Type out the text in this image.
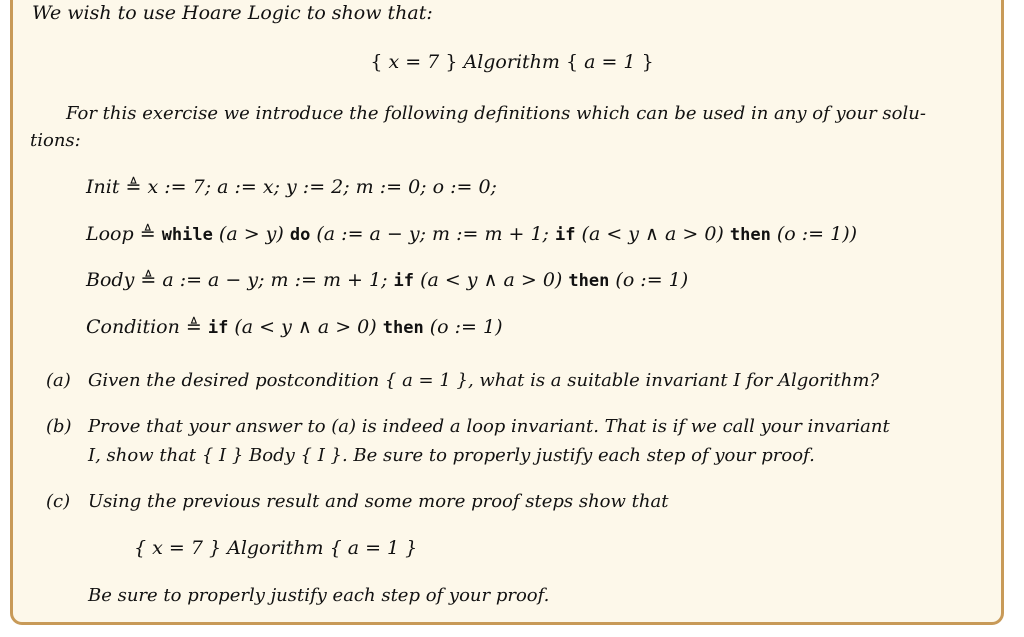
We wish to use Hoare Logic to show that:
{ x = 7 } Algorithm { a = 1 }
For this exercise we introduce the following definitions which can be used in any of your solu-
tions:
Init ≜ x := 7; a := x; y := 2; m := 0; o := 0;
Loop ≜ while (a > y) do (a := a − y; m := m + 1; if (a < y ∧ a > 0) then (o := 1))
Body ≜ a := a − y; m := m + 1; if (a < y ∧ a > 0) then (o := 1)
Condition ≜ if (a < y ∧ a > 0) then (o := 1)
(a) Given the desired postcondition { a = 1 }, what is a suitable invariant I for Algorithm?
(b) Prove that your answer to (a) is indeed a loop invariant. That is if we call your invariant
I, show that { I } Body { I }. Be sure to properly justify each step of your proof.
(c) Using the previous result and some more proof steps show that
{ x = 7 } Algorithm { a = 1 }
Be sure to properly justify each step of your proof.
